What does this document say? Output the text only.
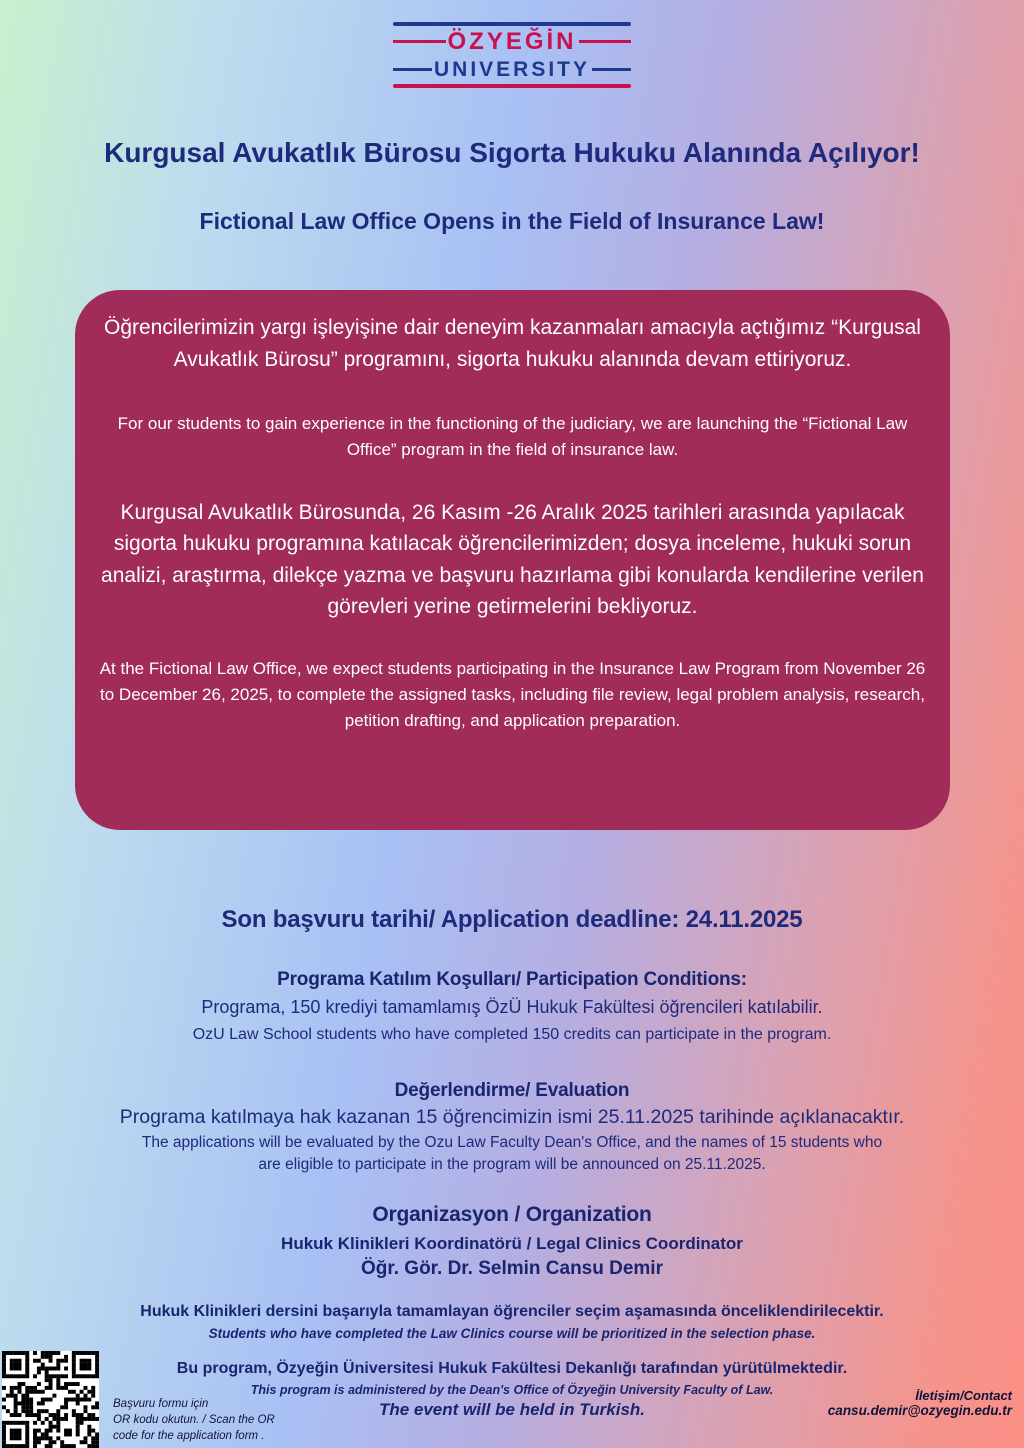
ÖZYEĞİN
UNIVERSITY
Kurgusal Avukatlık Bürosu Sigorta Hukuku Alanında Açılıyor!
Fictional Law Office Opens in the Field of Insurance Law!

Öğrencilerimizin yargı işleyişine dair deneyim kazanmaları amacıyla açtığımız “Kurgusal Avukatlık Bürosu” programını, sigorta hukuku alanında devam ettiriyoruz.

For our students to gain experience in the functioning of the judiciary, we are launching the “Fictional Law Office” program in the field of insurance law.

Kurgusal Avukatlık Bürosunda, 26 Kasım -26 Aralık 2025 tarihleri arasında yapılacak sigorta hukuku programına katılacak öğrencilerimizden; dosya inceleme, hukuki sorun analizi, araştırma, dilekçe yazma ve başvuru hazırlama gibi konularda kendilerine verilen görevleri yerine getirmelerini bekliyoruz.

At the Fictional Law Office, we expect students participating in the Insurance Law Program from November 26 to December 26, 2025, to complete the assigned tasks, including file review, legal problem analysis, research, petition drafting, and application preparation.

Son başvuru tarihi/ Application deadline: 24.11.2025
Programa Katılım Koşulları/ Participation Conditions:
Programa, 150 krediyi tamamlamış ÖzÜ Hukuk Fakültesi öğrencileri katılabilir.
OzU Law School students who have completed 150 credits can participate in the program.
Değerlendirme/ Evaluation
Programa katılmaya hak kazanan 15 öğrencimizin ismi 25.11.2025 tarihinde açıklanacaktır.
The applications will be evaluated by the Ozu Law Faculty Dean's Office, and the names of 15 students who are eligible to participate in the program will be announced on 25.11.2025.
Organizasyon / Organization
Hukuk Klinikleri Koordinatörü / Legal Clinics Coordinator
Öğr. Gör. Dr. Selmin Cansu Demir
Hukuk Klinikleri dersini başarıyla tamamlayan öğrenciler seçim aşamasında önceliklendirilecektir.
Students who have completed the Law Clinics course will be prioritized in the selection phase.
Bu program, Özyeğin Üniversitesi Hukuk Fakültesi Dekanlığı tarafından yürütülmektedir.
This program is administered by the Dean's Office of Özyeğin University Faculty of Law.
The event will be held in Turkish.
Başvuru formu için
OR kodu okutun. / Scan the OR
code for the application form .
İletişim/Contact
cansu.demir@ozyegin.edu.tr
